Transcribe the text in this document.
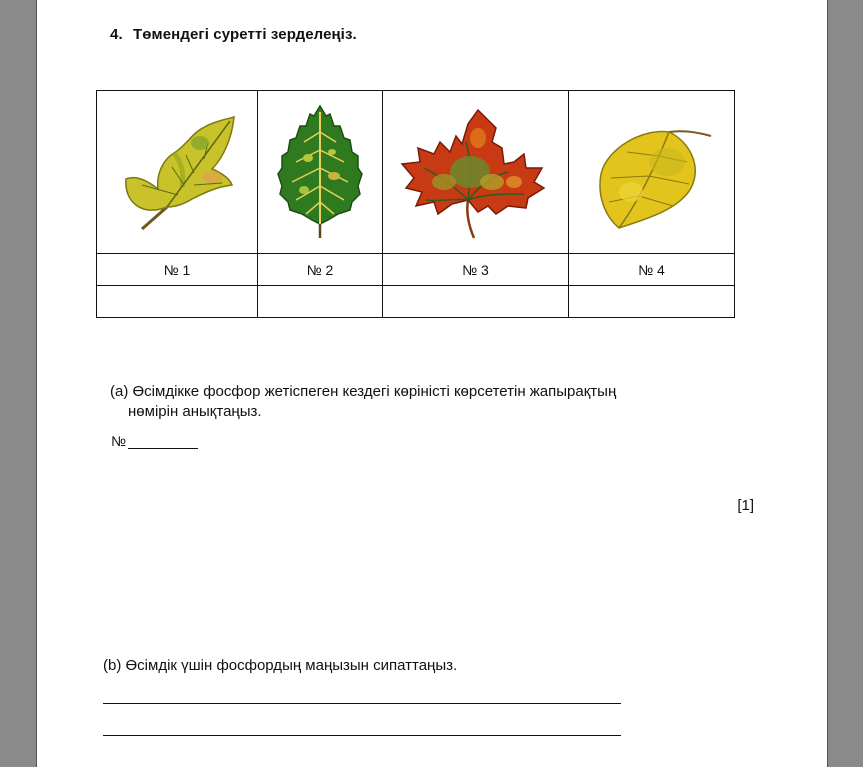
4. Төмендегі суретті зерделеңіз.

№ 1	№ 2	№ 3	№ 4

(a) Өсімдікке фосфор жетіспеген кездегі көріністі көрсететін жапырақтың
нөмірін анықтаңыз.
№
[1]
(b) Өсімдік үшін фосфордың маңызын сипаттаңыз.
